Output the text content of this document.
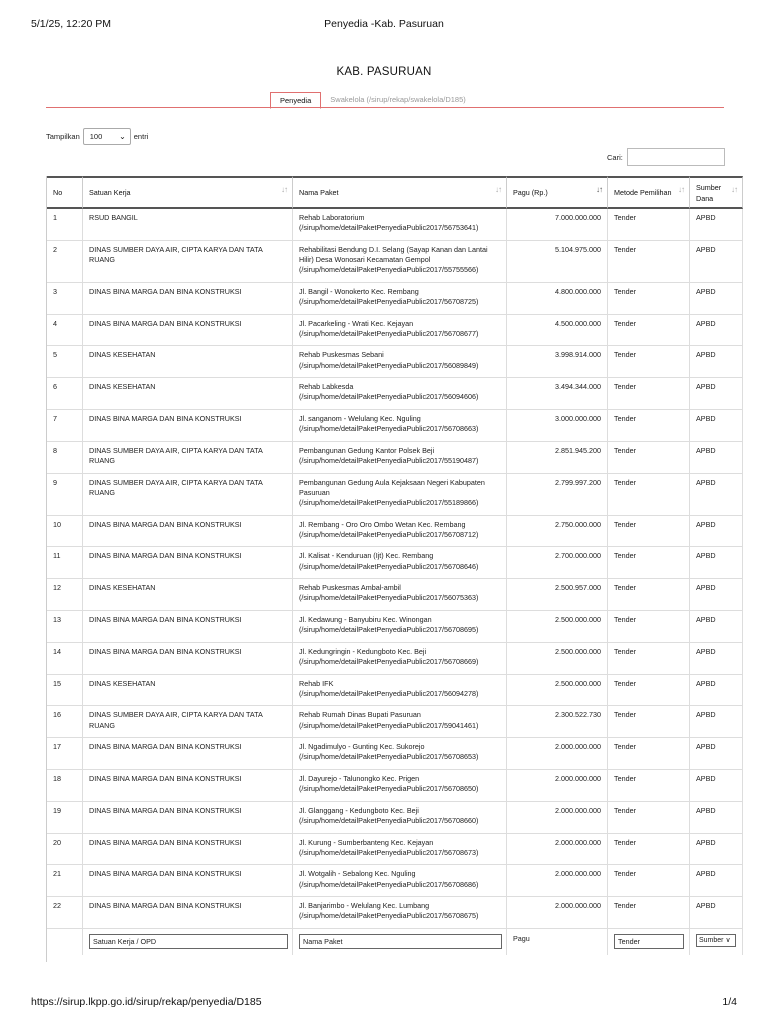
5/1/25, 12:20 PM	Penyedia -Kab. Pasuruan
KAB. PASURUAN
Penyedia	Swakelola (/sirup/rekap/swakelola/D185)
Tampilkan 100 ⌄ entri
Cari:
No	Satuan Kerja ↓↑	Nama Paket ↓↑	Pagu (Rp.) ↓↑	Metode Pemilihan ↓↑	Sumber Dana
↓↑

1	RSUD BANGIL	Rehab Laboratorium (/sirup/home/detailPaketPenyediaPublic2017/56753641)	7.000.000.000	Tender	APBD
2	DINAS SUMBER DAYA AIR, CIPTA KARYA DAN TATA RUANG	Rehabilitasi Bendung D.I. Selang (Sayap Kanan dan Lantai Hilir) Desa Wonosari Kecamatan Gempol (/sirup/home/detailPaketPenyediaPublic2017/55755566)	5.104.975.000	Tender	APBD
3	DINAS BINA MARGA DAN BINA KONSTRUKSI	Jl. Bangil - Wonokerto Kec. Rembang (/sirup/home/detailPaketPenyediaPublic2017/56708725)	4.800.000.000	Tender	APBD
4	DINAS BINA MARGA DAN BINA KONSTRUKSI	Jl. Pacarkeling - Wrati Kec. Kejayan (/sirup/home/detailPaketPenyediaPublic2017/56708677)	4.500.000.000	Tender	APBD
5	DINAS KESEHATAN	Rehab Puskesmas Sebani (/sirup/home/detailPaketPenyediaPublic2017/56089849)	3.998.914.000	Tender	APBD
6	DINAS KESEHATAN	Rehab Labkesda (/sirup/home/detailPaketPenyediaPublic2017/56094606)	3.494.344.000	Tender	APBD
7	DINAS BINA MARGA DAN BINA KONSTRUKSI	Jl. sanganom - Welulang Kec. Nguling (/sirup/home/detailPaketPenyediaPublic2017/56708663)	3.000.000.000	Tender	APBD
8	DINAS SUMBER DAYA AIR, CIPTA KARYA DAN TATA RUANG	Pembangunan Gedung Kantor Polsek Beji (/sirup/home/detailPaketPenyediaPublic2017/55190487)	2.851.945.200	Tender	APBD
9	DINAS SUMBER DAYA AIR, CIPTA KARYA DAN TATA RUANG	Pembangunan Gedung Aula Kejaksaan Negeri Kabupaten Pasuruan (/sirup/home/detailPaketPenyediaPublic2017/55189866)	2.799.997.200	Tender	APBD
10	DINAS BINA MARGA DAN BINA KONSTRUKSI	Jl. Rembang - Oro Oro Ombo Wetan Kec. Rembang (/sirup/home/detailPaketPenyediaPublic2017/56708712)	2.750.000.000	Tender	APBD
11	DINAS BINA MARGA DAN BINA KONSTRUKSI	Jl. Kalisat - Kenduruan (Ijt) Kec. Rembang (/sirup/home/detailPaketPenyediaPublic2017/56708646)	2.700.000.000	Tender	APBD
12	DINAS KESEHATAN	Rehab Puskesmas Ambal-ambil (/sirup/home/detailPaketPenyediaPublic2017/56075363)	2.500.957.000	Tender	APBD
13	DINAS BINA MARGA DAN BINA KONSTRUKSI	Jl. Kedawung - Banyubiru Kec. Winongan (/sirup/home/detailPaketPenyediaPublic2017/56708695)	2.500.000.000	Tender	APBD
14	DINAS BINA MARGA DAN BINA KONSTRUKSI	Jl. Kedungringin - Kedungboto Kec. Beji (/sirup/home/detailPaketPenyediaPublic2017/56708669)	2.500.000.000	Tender	APBD
15	DINAS KESEHATAN	Rehab IFK (/sirup/home/detailPaketPenyediaPublic2017/56094278)	2.500.000.000	Tender	APBD
16	DINAS SUMBER DAYA AIR, CIPTA KARYA DAN TATA RUANG	Rehab Rumah Dinas Bupati Pasuruan (/sirup/home/detailPaketPenyediaPublic2017/59041461)	2.300.522.730	Tender	APBD
17	DINAS BINA MARGA DAN BINA KONSTRUKSI	Jl. Ngadimulyo - Gunting Kec. Sukorejo (/sirup/home/detailPaketPenyediaPublic2017/56708653)	2.000.000.000	Tender	APBD
18	DINAS BINA MARGA DAN BINA KONSTRUKSI	Jl. Dayurejo - Talunongko Kec. Prigen (/sirup/home/detailPaketPenyediaPublic2017/56708650)	2.000.000.000	Tender	APBD
19	DINAS BINA MARGA DAN BINA KONSTRUKSI	Jl. Glanggang - Kedungboto Kec. Beji (/sirup/home/detailPaketPenyediaPublic2017/56708660)	2.000.000.000	Tender	APBD
20	DINAS BINA MARGA DAN BINA KONSTRUKSI	Jl. Kurung - Sumberbanteng Kec. Kejayan (/sirup/home/detailPaketPenyediaPublic2017/56708673)	2.000.000.000	Tender	APBD
21	DINAS BINA MARGA DAN BINA KONSTRUKSI	Jl. Wotgalih - Sebalong Kec. Nguling (/sirup/home/detailPaketPenyediaPublic2017/56708686)	2.000.000.000	Tender	APBD
22	DINAS BINA MARGA DAN BINA KONSTRUKSI	Jl. Banjarimbo - Welulang Kec. Lumbang (/sirup/home/detailPaketPenyediaPublic2017/56708675)	2.000.000.000	Tender	APBD

	Satuan Kerja / OPD	Nama Paket	Pagu	Tender	Sumber ∨
https://sirup.lkpp.go.id/sirup/rekap/penyedia/D185	1/4
